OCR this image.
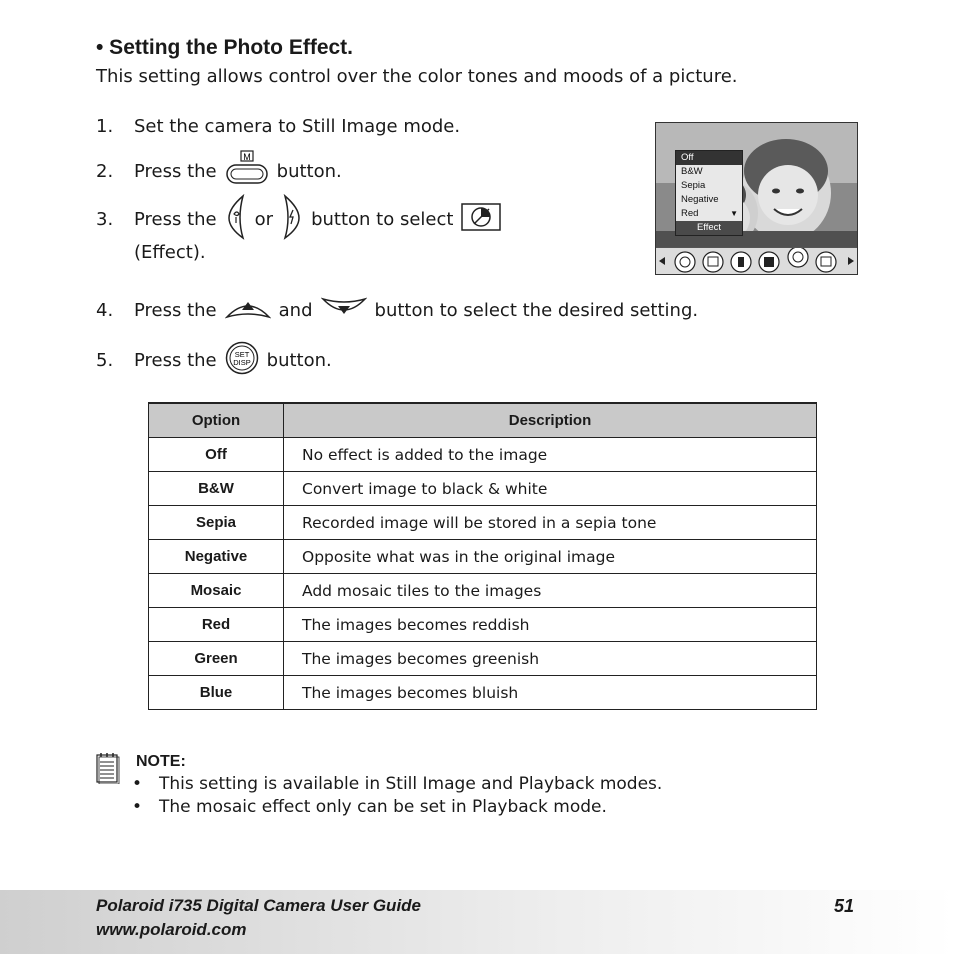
• Setting the Photo Effect.
This setting allows control over the color tones and moods of a picture.
1.	Set the camera to Still Image mode.
2.	Press the
M
button.
3.	Press the or button to select
(Effect).
Off
B&W
Sepia
Negative
Red	▼
Effect
4.	Press the	and	button to select the desired setting.
5.	Press the SET
DISP button.
Option	Description
Off	No effect is added to the image
B&W	Convert image to black & white
Sepia	Recorded image will be stored in a sepia tone
Negative	Opposite what was in the original image
Mosaic	Add mosaic tiles to the images
Red	The images becomes reddish
Green	The images becomes greenish
Blue	The images becomes bluish
NOTE:
• This setting is available in Still Image and Playback modes.
• The mosaic effect only can be set in Playback mode.
Polaroid i735 Digital Camera User Guide
www.polaroid.com
51
